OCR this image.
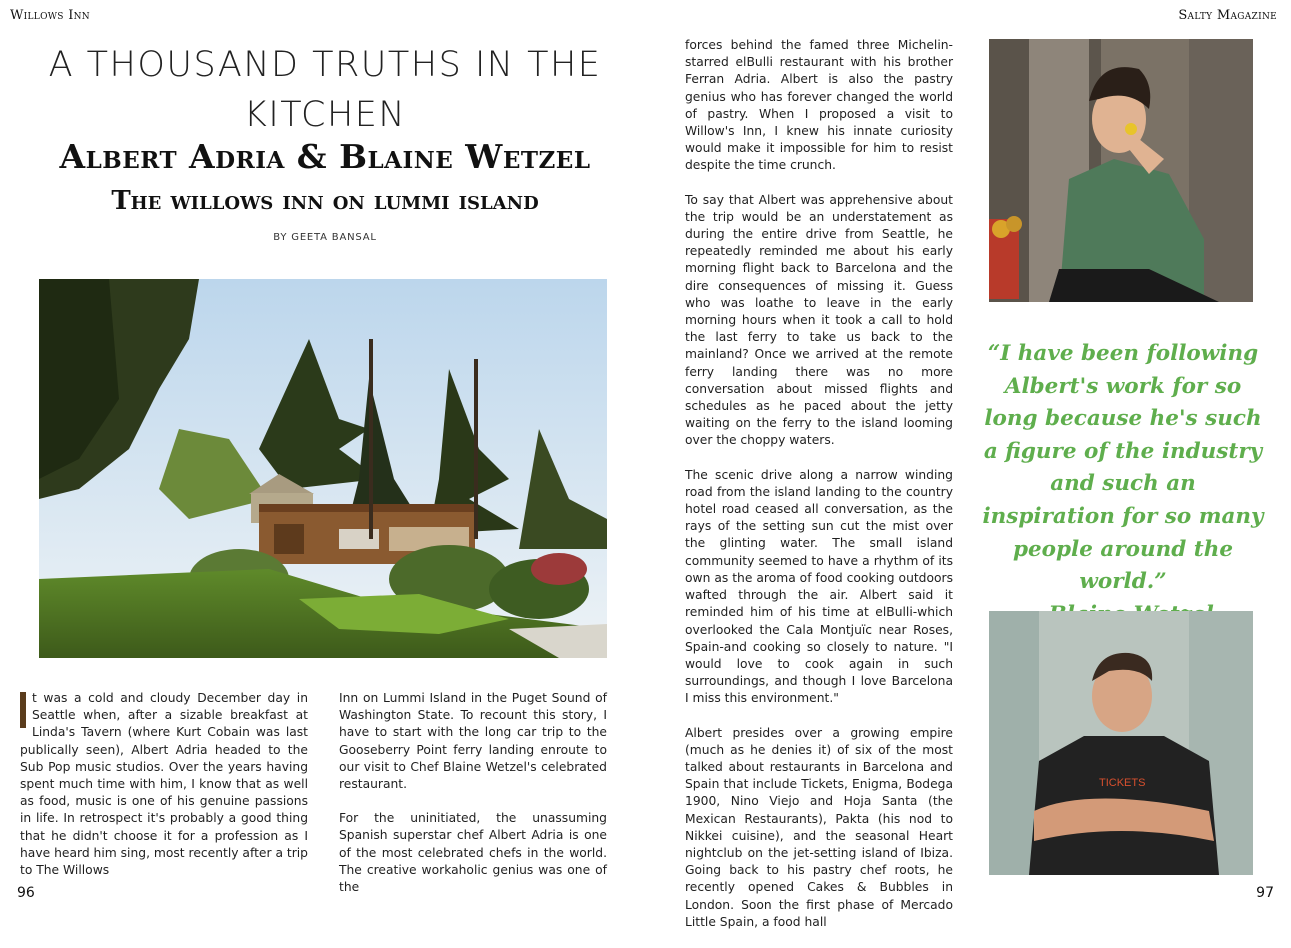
Willows Inn	Salty Magazine
A THOUSAND TRUTHS IN THE KITCHEN
Albert Adria & Blaine Wetzel
The willows inn on lummi island
BY GEETA BANSAL

t was a cold and cloudy December day in Seattle when, after a sizable breakfast at Linda's Tavern (where Kurt Cobain was last publically seen), Albert Adria headed to the Sub Pop music studios. Over the years having spent much time with him, I know that as well as food, music is one of his genuine passions in life. In retrospect it's probably a good thing that he didn't choose it for a profession as I have heard him sing, most recently after a trip to The Willows

Inn on Lummi Island in the Puget Sound of Washington State. To recount this story, I have to start with the long car trip to the Gooseberry Point ferry landing enroute to our visit to Chef Blaine Wetzel's celebrated restaurant.

For the uninitiated, the unassuming Spanish superstar chef Albert Adria is one of the most celebrated chefs in the world. The creative workaholic genius was one of the

forces behind the famed three Michelin-starred elBulli restaurant with his brother Ferran Adria. Albert is also the pastry genius who has forever changed the world of pastry. When I proposed a visit to Willow's Inn, I knew his innate curiosity would make it impossible for him to resist despite the time crunch.

To say that Albert was apprehensive about the trip would be an understatement as during the entire drive from Seattle, he repeatedly reminded me about his early morning flight back to Barcelona and the dire consequences of missing it. Guess who was loathe to leave in the early morning hours when it took a call to hold the last ferry to take us back to the mainland? Once we arrived at the remote ferry landing there was no more conversation about missed flights and schedules as he paced about the jetty waiting on the ferry to the island looming over the choppy waters.

The scenic drive along a narrow winding road from the island landing to the country hotel road ceased all conversation, as the rays of the setting sun cut the mist over the glinting water. The small island community seemed to have a rhythm of its own as the aroma of food cooking outdoors wafted through the air. Albert said it reminded him of his time at elBulli-which overlooked the Cala Montjuïc near Roses, Spain-and cooking so closely to nature. "I would love to cook again in such surroundings, and though I love Barcelona I miss this environment."

Albert presides over a growing empire (much as he denies it) of six of the most talked about restaurants in Barcelona and Spain that include Tickets, Enigma, Bodega 1900, Nino Viejo and Hoja Santa (the Mexican Restaurants), Pakta (his nod to Nikkei cuisine), and the seasonal Heart nightclub on the jet-setting island of Ibiza. Going back to his pastry chef roots, he recently opened Cakes & Bubbles in London. Soon the first phase of Mercado Little Spain, a food hall

“I have been following Albert's work for so long because he's such a figure of the industry and such an inspiration for so many people around the world.”
TICKETS
96	97
